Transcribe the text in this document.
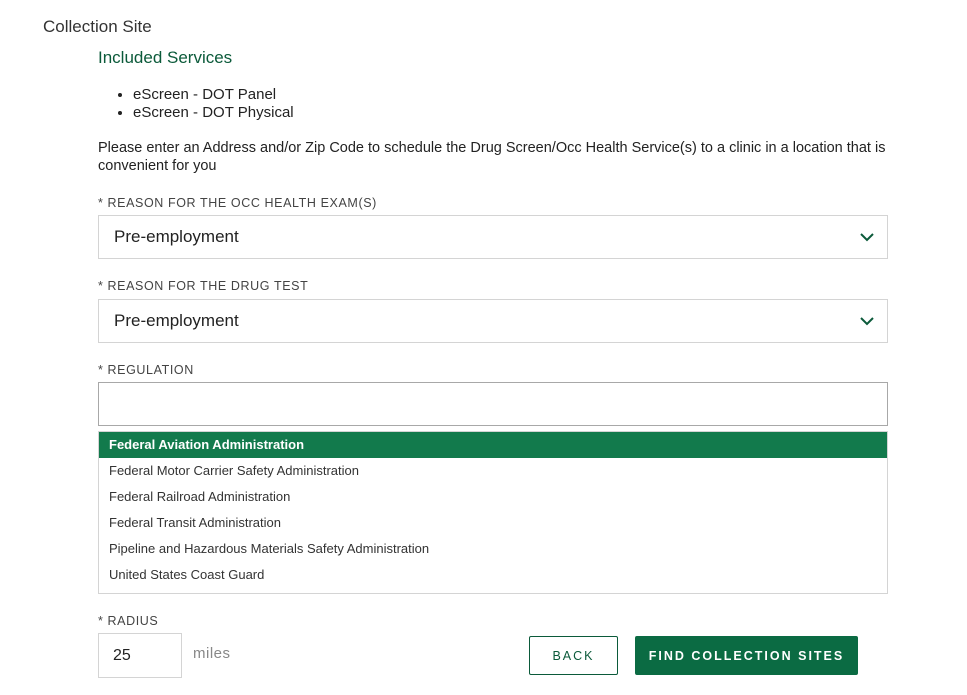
Collection Site
Included Services
• eScreen - DOT Panel
• eScreen - DOT Physical
Please enter an Address and/or Zip Code to schedule the Drug Screen/Occ Health Service(s) to a clinic in a location that is convenient for you
* REASON FOR THE OCC HEALTH EXAM(S)
Pre-employment
* REASON FOR THE DRUG TEST
Pre-employment
* REGULATION
Federal Aviation Administration
Federal Motor Carrier Safety Administration
Federal Railroad Administration
Federal Transit Administration
Pipeline and Hazardous Materials Safety Administration
United States Coast Guard
* RADIUS
25
miles	BACK	FIND COLLECTION SITES
